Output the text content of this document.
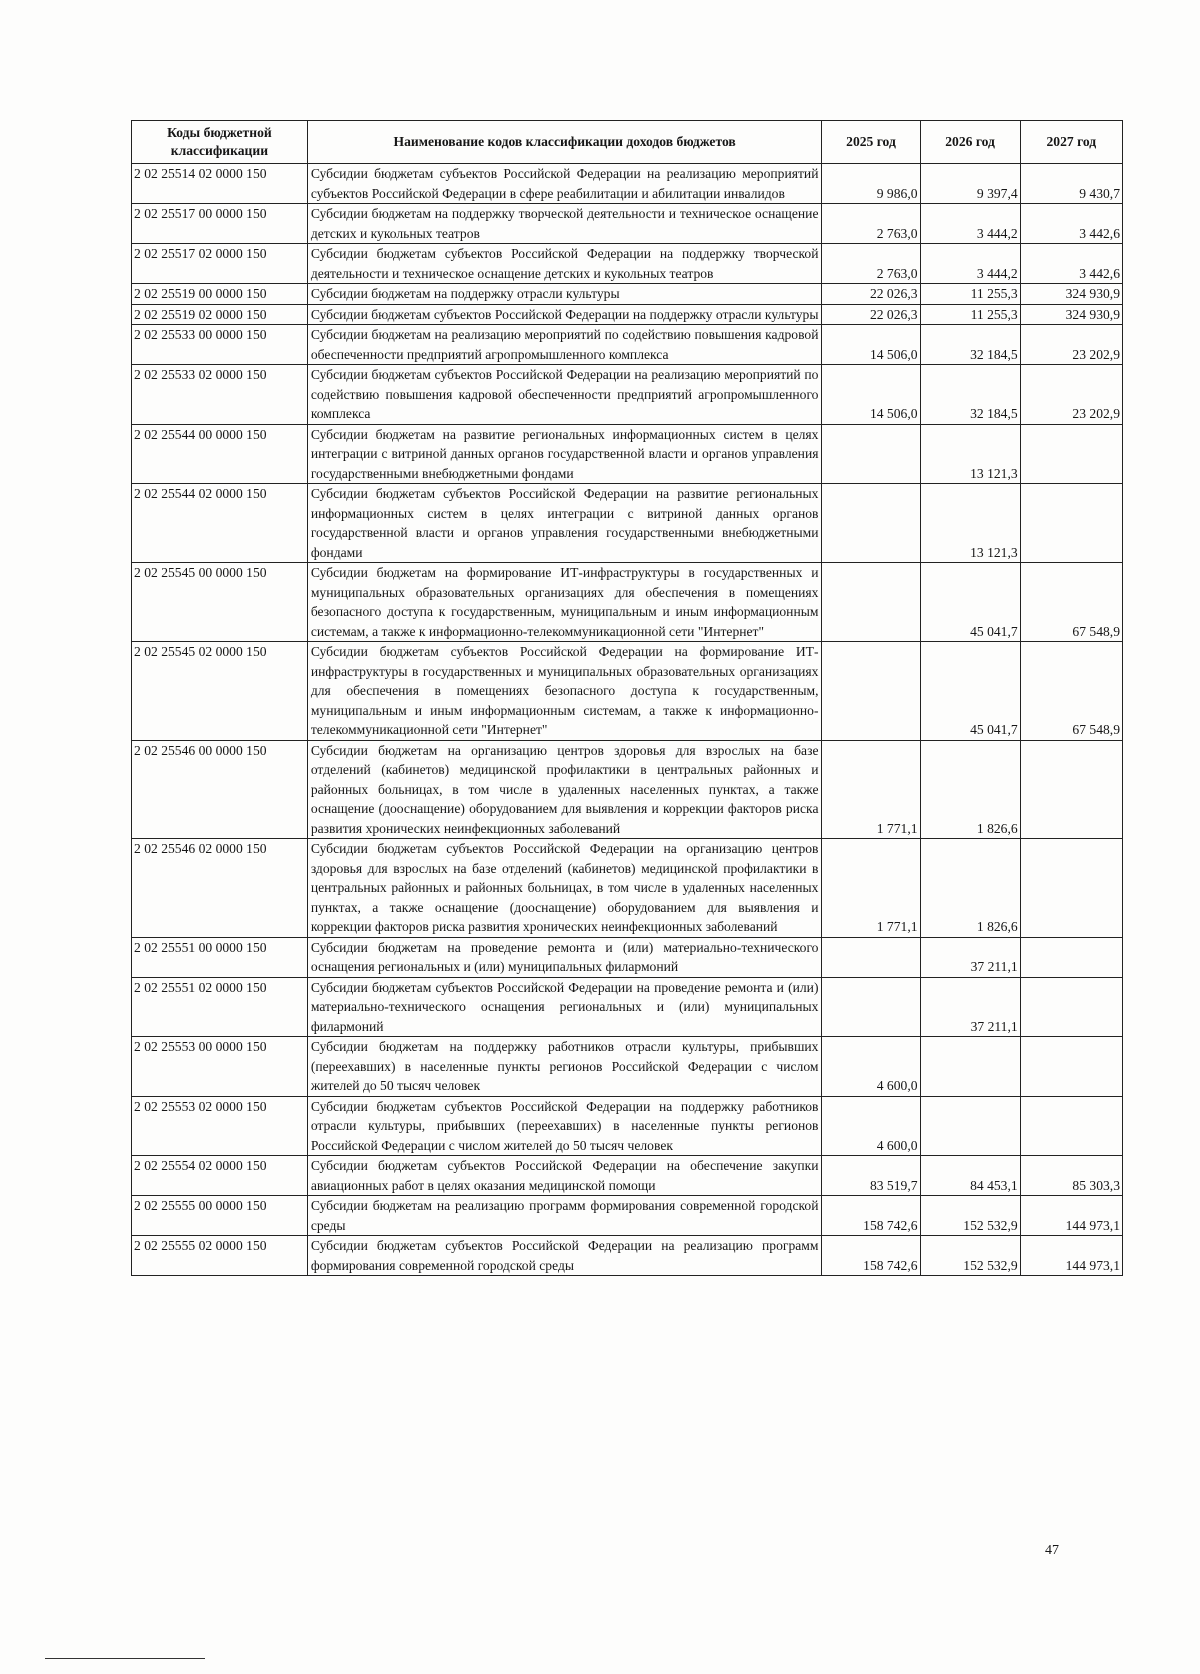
Коды бюджетной классификации	Наименование кодов классификации доходов бюджетов	2025 год	2026 год	2027 год
2 02 25514 02 0000 150	Субсидии бюджетам субъектов Российской Федерации на реализацию мероприятий субъектов Российской Федерации в сфере реабилитации и абилитации инвалидов	9 986,0	9 397,4	9 430,7
2 02 25517 00 0000 150	Субсидии бюджетам на поддержку творческой деятельности и техническое оснащение детских и кукольных театров	2 763,0	3 444,2	3 442,6
2 02 25517 02 0000 150	Субсидии бюджетам субъектов Российской Федерации на поддержку творческой деятельности и техническое оснащение детских и кукольных театров	2 763,0	3 444,2	3 442,6
2 02 25519 00 0000 150	Субсидии бюджетам на поддержку отрасли культуры	22 026,3	11 255,3	324 930,9
2 02 25519 02 0000 150	Субсидии бюджетам субъектов Российской Федерации на поддержку отрасли культуры	22 026,3	11 255,3	324 930,9
2 02 25533 00 0000 150	Субсидии бюджетам на реализацию мероприятий по содействию повышения кадровой обеспеченности предприятий агропромышленного комплекса	14 506,0	32 184,5	23 202,9
2 02 25533 02 0000 150	Субсидии бюджетам субъектов Российской Федерации на реализацию мероприятий по содействию повышения кадровой обеспеченности предприятий агропромышленного комплекса	14 506,0	32 184,5	23 202,9
2 02 25544 00 0000 150	Субсидии бюджетам на развитие региональных информационных систем в целях интеграции с витриной данных органов государственной власти и органов управления государственными внебюджетными фондами		13 121,3	
2 02 25544 02 0000 150	Субсидии бюджетам субъектов Российской Федерации на развитие региональных информационных систем в целях интеграции с витриной данных органов государственной власти и органов управления государственными внебюджетными фондами		13 121,3	
2 02 25545 00 0000 150	Субсидии бюджетам на формирование ИТ-инфраструктуры в государственных и муниципальных образовательных организациях для обеспечения в помещениях безопасного доступа к государственным, муниципальным и иным информационным системам, а также к информационно-телекоммуникационной сети "Интернет"		45 041,7	67 548,9
2 02 25545 02 0000 150	Субсидии бюджетам субъектов Российской Федерации на формирование ИТ-инфраструктуры в государственных и муниципальных образовательных организациях для обеспечения в помещениях безопасного доступа к государственным, муниципальным и иным информационным системам, а также к информационно-телекоммуникационной сети "Интернет"		45 041,7	67 548,9
2 02 25546 00 0000 150	Субсидии бюджетам на организацию центров здоровья для взрослых на базе отделений (кабинетов) медицинской профилактики в центральных районных и районных больницах, в том числе в удаленных населенных пунктах, а также оснащение (дооснащение) оборудованием для выявления и коррекции факторов риска развития хронических неинфекционных заболеваний	1 771,1	1 826,6	
2 02 25546 02 0000 150	Субсидии бюджетам субъектов Российской Федерации на организацию центров здоровья для взрослых на базе отделений (кабинетов) медицинской профилактики в центральных районных и районных больницах, в том числе в удаленных населенных пунктах, а также оснащение (дооснащение) оборудованием для выявления и коррекции факторов риска развития хронических неинфекционных заболеваний	1 771,1	1 826,6	
2 02 25551 00 0000 150	Субсидии бюджетам на проведение ремонта и (или) материально-технического оснащения региональных и (или) муниципальных филармоний		37 211,1	
2 02 25551 02 0000 150	Субсидии бюджетам субъектов Российской Федерации на проведение ремонта и (или) материально-технического оснащения региональных и (или) муниципальных филармоний		37 211,1	
2 02 25553 00 0000 150	Субсидии бюджетам на поддержку работников отрасли культуры, прибывших (переехавших) в населенные пункты регионов Российской Федерации с числом жителей до 50 тысяч человек	4 600,0		
2 02 25553 02 0000 150	Субсидии бюджетам субъектов Российской Федерации на поддержку работников отрасли культуры, прибывших (переехавших) в населенные пункты регионов Российской Федерации с числом жителей до 50 тысяч человек	4 600,0		
2 02 25554 02 0000 150	Субсидии бюджетам субъектов Российской Федерации на обеспечение закупки авиационных работ в целях оказания медицинской помощи	83 519,7	84 453,1	85 303,3
2 02 25555 00 0000 150	Субсидии бюджетам на реализацию программ формирования современной городской среды	158 742,6	152 532,9	144 973,1
2 02 25555 02 0000 150	Субсидии бюджетам субъектов Российской Федерации на реализацию программ формирования современной городской среды	158 742,6	152 532,9	144 973,1
47
